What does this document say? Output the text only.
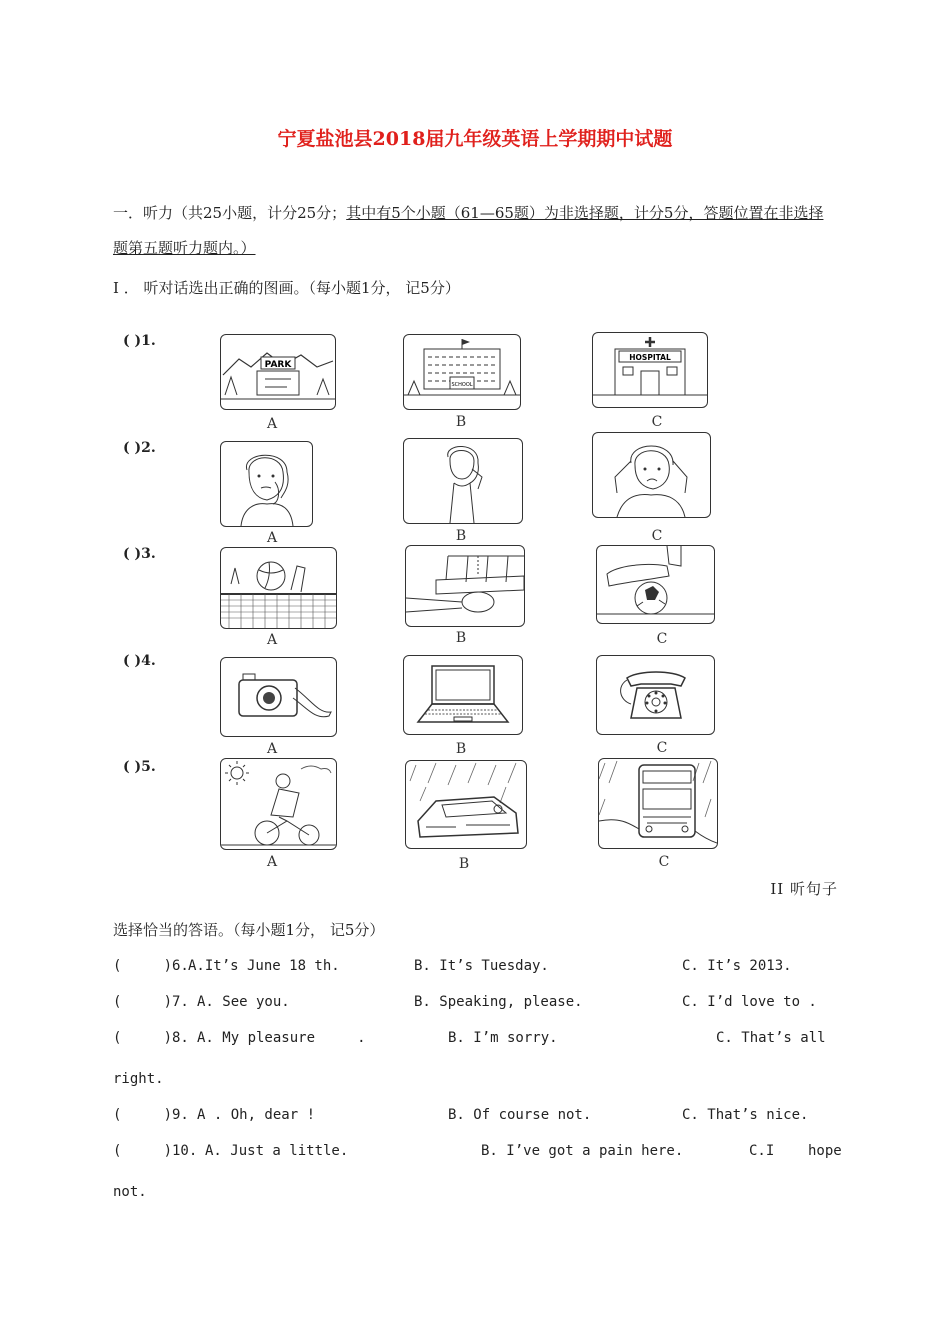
宁夏盐池县2018届九年级英语上学期期中试题
一．听力（共25小题，计分25分；其中有5个小题（61—65题）为非选择题，计分5分，答题位置在非选择题第五题听力题内。）
I ． 听对话选出正确的图画。（每小题1分， 记5分）
( )1.
PARK
A
SCHOOL
B
HOSPITAL
C
( )2.
A	B	C
( )3.
A	B	C
( )4.
A	B	C
( )5.
A	B	C
II 听句子
选择恰当的答语。（每小题1分， 记5分）
(     )6. A.It’s June 18 th.	B. It’s Tuesday.	C. It’s 2013.
(     )7. A. See you.	B. Speaking, please.	C. I’d love to .
(     )8. A. My pleasure     .	B. I’m sorry.	C. That’s all
right.
(     )9. A . Oh, dear !	B. Of course not.	C. That’s nice.
(     )10. A. Just a little.	B. I’ve got a pain here.	C.I    hope
not.
